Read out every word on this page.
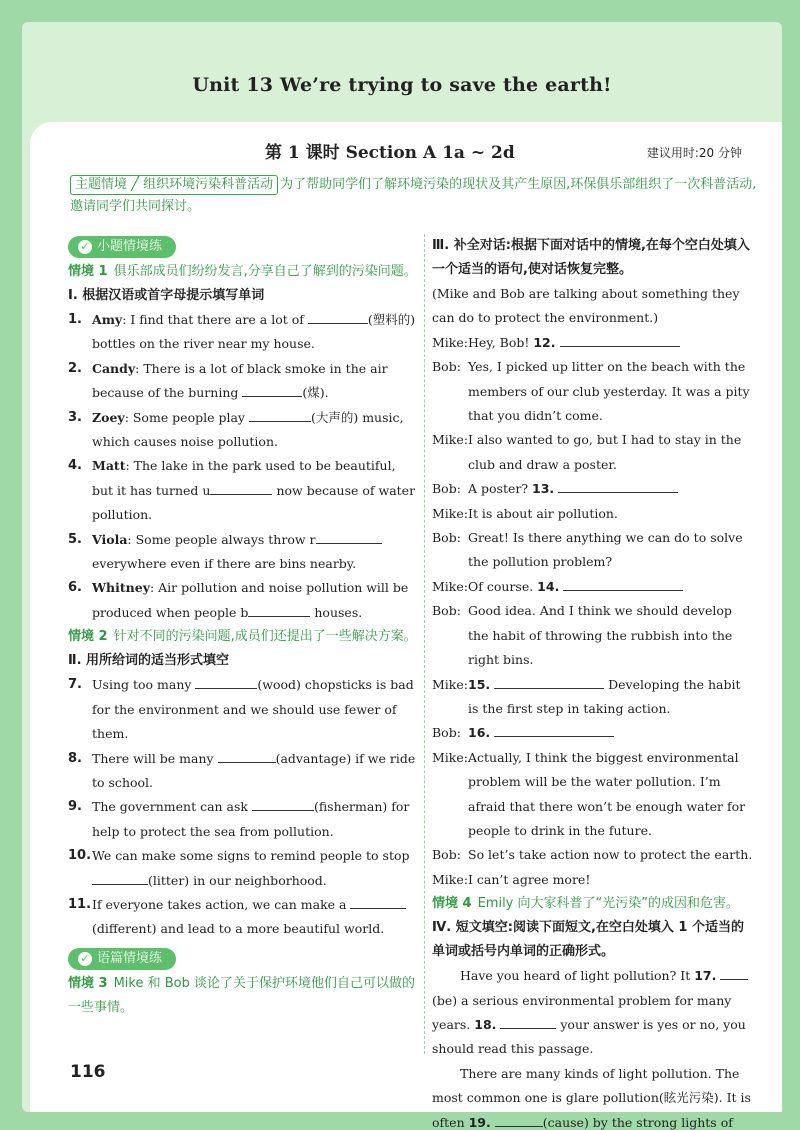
Unit 13 We’re trying to save the earth!
第 1 课时 Section A 1a ~ 2d	建议用时:20 分钟
主题情境 ╱ 组织环境污染科普活动 为了帮助同学们了解环境污染的现状及其产生原因,环保俱乐部组织了一次科普活动,邀请同学们共同探讨。
✓ 小题情境练
情境 1 俱乐部成员们纷纷发言,分享自己了解到的污染问题。
Ⅰ. 根据汉语或首字母提示填写单词
1. Amy: I find that there are a lot of	(塑料的) bottles on the river near my house.
2. Candy: There is a lot of black smoke in the air because of the burning	(煤).
3. Zoey: Some people play	(大声的) music, which causes noise pollution.
4. Matt: The lake in the park used to be beautiful, but it has turned u	now because of water pollution.
5. Viola: Some people always throw r everywhere even if there are bins nearby.
6. Whitney: Air pollution and noise pollution will be produced when people b	houses.
情境 2 针对不同的污染问题,成员们还提出了一些解决方案。
Ⅱ. 用所给词的适当形式填空
7. Using too many	(wood) chopsticks is bad for the environment and we should use fewer of them.
8. There will be many	(advantage) if we ride to school.
9. The government can ask	(fisherman) for help to protect the sea from pollution.
10. We can make some signs to remind people to stop (litter) in our neighborhood.
11. If everyone takes action, we can make a (different) and lead to a more beautiful world.
✓ 语篇情境练
情境 3 Mike 和 Bob 谈论了关于保护环境他们自己可以做的一些事情。
Ⅲ. 补全对话:根据下面对话中的情境,在每个空白处填入一个适当的语句,使对话恢复完整。
(Mike and Bob are talking about something they can do to protect the environment.)
Mike: Hey, Bob! 12.
Bob: Yes, I picked up litter on the beach with the members of our club yesterday. It was a pity that you didn’t come.
Mike: I also wanted to go, but I had to stay in the club and draw a poster.
Bob: A poster? 13.
Mike: It is about air pollution.
Bob: Great! Is there anything we can do to solve the pollution problem?
Mike: Of course. 14.
Bob: Good idea. And I think we should develop the habit of throwing the rubbish into the right bins.
Mike: 15.	Developing the habit is the first step in taking action.
Bob: 16.
Mike: Actually, I think the biggest environmental problem will be the water pollution. I’m afraid that there won’t be enough water for people to drink in the future.
Bob: So let’s take action now to protect the earth.
Mike: I can’t agree more!
情境 4 Emily 向大家科普了“光污染”的成因和危害。
Ⅳ. 短文填空:阅读下面短文,在空白处填入 1 个适当的单词或括号内单词的正确形式。
Have you heard of light pollution? It 17. (be) a serious environmental problem for many years. 18.	your answer is yes or no, you should read this passage.
There are many kinds of light pollution. The most common one is glare pollution(眩光污染). It is often 19.	(cause) by the strong lights of
116
